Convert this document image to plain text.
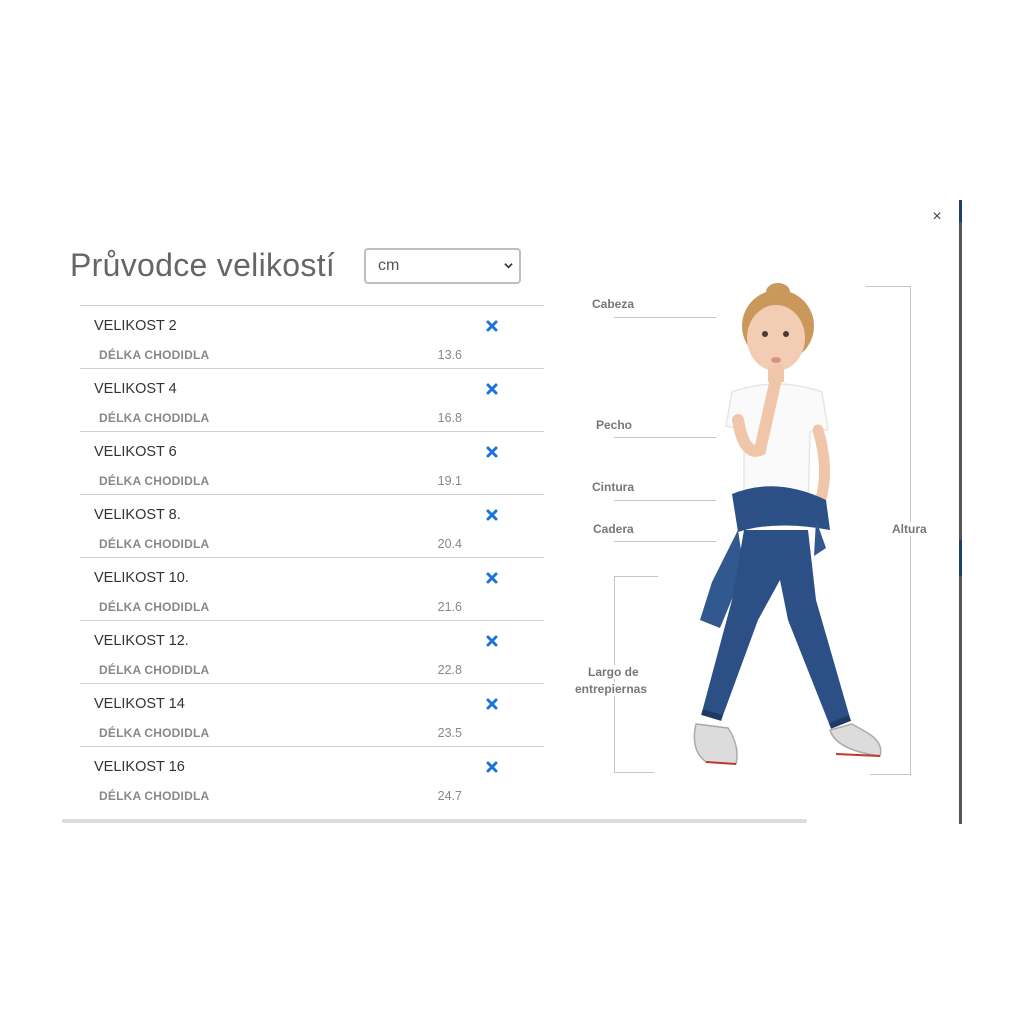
×
Průvodce velikostí	cm
VELIKOST 2
DÉLKA CHODIDLA	13.6
VELIKOST 4
DÉLKA CHODIDLA	16.8
VELIKOST 6
DÉLKA CHODIDLA	19.1
VELIKOST 8.
DÉLKA CHODIDLA	20.4
VELIKOST 10.
DÉLKA CHODIDLA	21.6
VELIKOST 12.
DÉLKA CHODIDLA	22.8
VELIKOST 14
DÉLKA CHODIDLA	23.5
VELIKOST 16
DÉLKA CHODIDLA	24.7
Cabeza
Pecho
Cintura
Cadera
Largo de
entrepiernas
Altura
